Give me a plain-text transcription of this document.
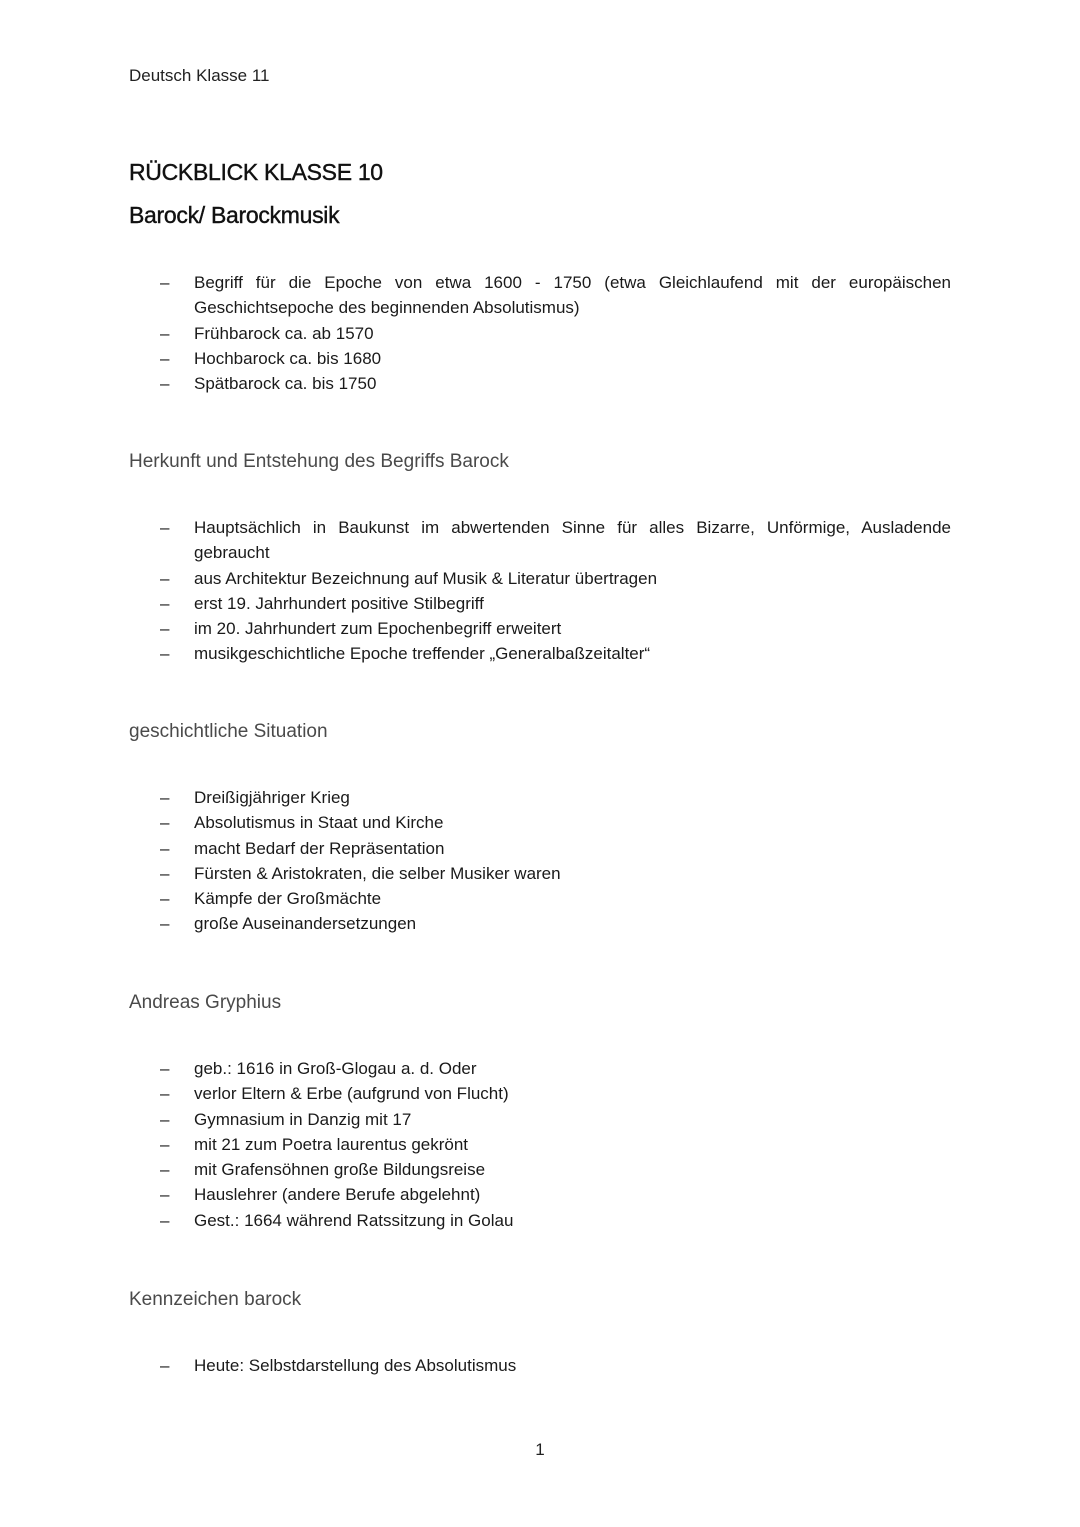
Deutsch Klasse 11
RÜCKBLICK KLASSE 10
Barock/ Barockmusik
– Begriff für die Epoche von etwa 1600 - 1750 (etwa Gleichlaufend mit der europäischen Geschichtsepoche des beginnenden Absolutismus)
– Frühbarock ca. ab 1570
– Hochbarock ca. bis 1680
– Spätbarock ca. bis 1750
Herkunft und Entstehung des Begriffs Barock
– Hauptsächlich in Baukunst im abwertenden Sinne für alles Bizarre, Unförmige, Ausladende gebraucht
– aus Architektur Bezeichnung auf Musik & Literatur übertragen
– erst 19. Jahrhundert positive Stilbegriff
– im 20. Jahrhundert zum Epochenbegriff erweitert
– musikgeschichtliche Epoche treffender „Generalbaßzeitalter“
geschichtliche Situation
– Dreißigjähriger Krieg
– Absolutismus in Staat und Kirche
– macht Bedarf der Repräsentation
– Fürsten & Aristokraten, die selber Musiker waren
– Kämpfe der Großmächte
– große Auseinandersetzungen
Andreas Gryphius
– geb.: 1616 in Groß-Glogau a. d. Oder
– verlor Eltern & Erbe (aufgrund von Flucht)
– Gymnasium in Danzig mit 17
– mit 21 zum Poetra laurentus gekrönt
– mit Grafensöhnen große Bildungsreise
– Hauslehrer (andere Berufe abgelehnt)
– Gest.: 1664 während Ratssitzung in Golau
Kennzeichen barock
– Heute: Selbstdarstellung des Absolutismus
1
